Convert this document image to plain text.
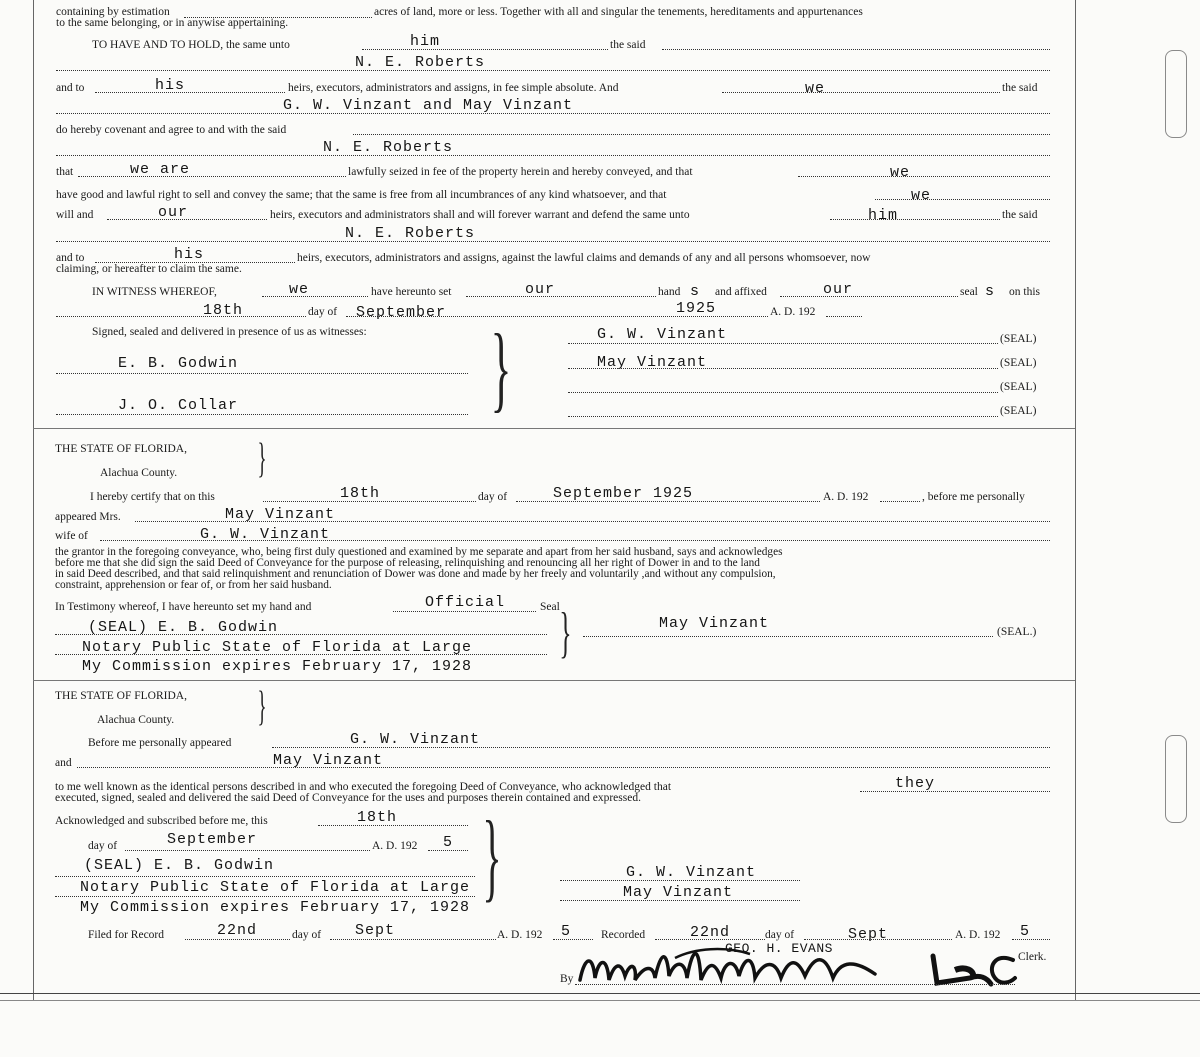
containing by estimation	acres of land, more or less. Together with all and singular the tenements, hereditaments and appurtenances
to the same belonging, or in anywise appertaining.
TO HAVE AND TO HOLD, the same unto	him	the said
N. E. Roberts
and to	his	heirs, executors, administrators and assigns, in fee simple absolute. And	we	the said
G. W. Vinzant and May Vinzant
do hereby covenant and agree to and with the said
N. E. Roberts
that	we are	lawfully seized in fee of the property herein and hereby conveyed, and that	we
have good and lawful right to sell and convey the same; that the same is free from all incumbrances of any kind whatsoever, and that	we
will and	our	heirs, executors and administrators shall and will forever warrant and defend the same unto	him	the said
N. E. Roberts
and to	his	heirs, executors, administrators and assigns, against the lawful claims and demands of any and all persons whomsoever, now
claiming, or hereafter to claim the same.
IN WITNESS WHEREOF,	we	have hereunto set	our	hand s and affixed	our	seal s on this
18th	day of September	1925	A. D. 192
Signed, sealed and delivered in presence of us as witnesses: }	G. W. Vinzant	(SEAL)
E. B. Godwin	May Vinzant	(SEAL)
(SEAL)
J. O. Collar	(SEAL)
THE STATE OF FLORIDA,
Alachua County. }
I hereby certify that on this	18th	day of	September 1925	A. D. 192	, before me personally
appeared Mrs.	May Vinzant
wife of	G. W. Vinzant
the grantor in the foregoing conveyance, who, being first duly questioned and examined by me separate and apart from her said husband, says and acknowledges
before me that she did sign the said Deed of Conveyance for the purpose of releasing, relinquishing and renouncing all her right of Dower in and to the land
in said Deed described, and that said relinquishment and renunciation of Dower was done and made by her freely and voluntarily ,and without any compulsion,
constraint, apprehension or fear of, or from her said husband.
In Testimony whereof, I have hereunto set my hand and	Official	Seal
(SEAL) E. B. Godwin
Notary Public State of Florida at Large
My Commission expires February 17, 1928
}	May Vinzant	(SEAL.)
THE STATE OF FLORIDA,
Alachua County. }
Before me personally appeared	G. W. Vinzant
and	May Vinzant
to me well known as the identical persons described in and who executed the foregoing Deed of Conveyance, who acknowledged that	they
executed, signed, sealed and delivered the said Deed of Conveyance for the uses and purposes therein contained and expressed.
Acknowledged and subscribed before me, this	18th
day of	September	A. D. 192 5 }
(SEAL) E. B. Godwin
Notary Public State of Florida at Large
My Commission expires February 17, 1928
G. W. Vinzant
May Vinzant
Filed for Record	22nd	day of Sept	A. D. 192 5	Recorded	22nd	day of	Sept	A. D. 192 5
GEO. H. EVANS
By
Clerk.
